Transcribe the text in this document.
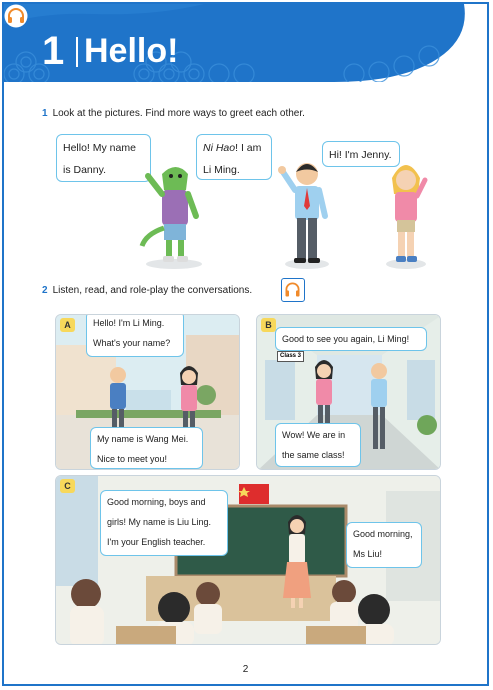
1 Hello!
1 Look at the pictures. Find more ways to greet each other.
Hello! My name
is Danny.
Ni Hao! I am
Li Ming.
Hi! I'm Jenny.
2 Listen, read, and role-play the conversations.
A	Hello! I'm Li Ming.
What's your name?
My name is Wang Mei.
Nice to meet you!
B
Class 3
Good to see you again, Li Ming!
Wow! We are in
the same class!
C
Good morning, boys and
girls! My name is Liu Ling.
I'm your English teacher.
Good morning,
Ms Liu!
2
